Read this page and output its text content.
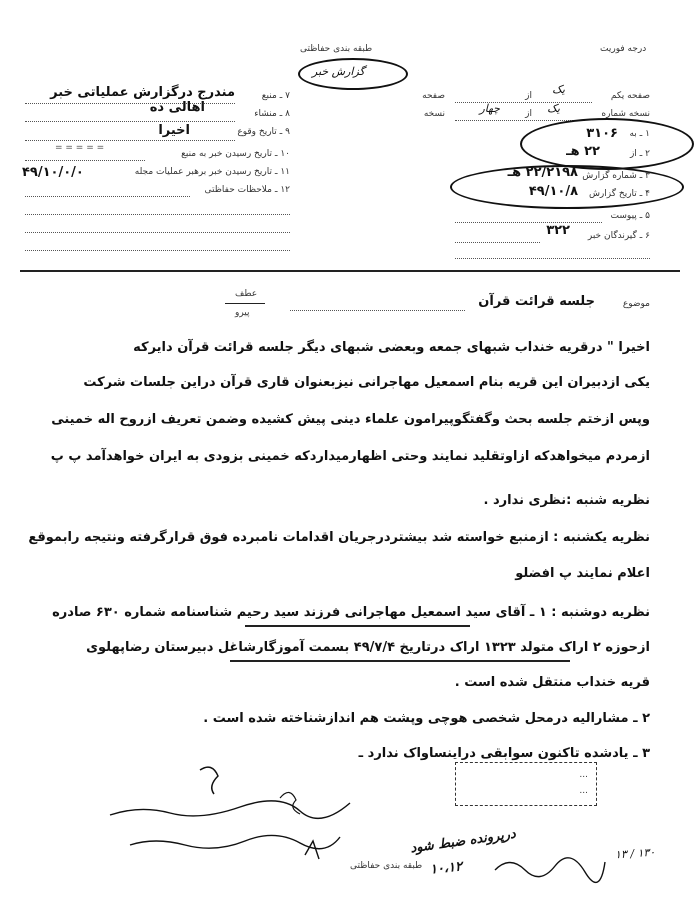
طبقه بندی حفاظتی
گزارش خبر
درجه فوریت
۷ ـ منبع
مندرج درگزارش عملیاتی خبر
۸ ـ منشاء
اهالی ده
۹ ـ تاریخ وقوع
اخیرا
= = = = =
۱۰ ـ تاریخ رسیدن خبر به منبع
۱۱ ـ تاریخ رسیدن خبر برهبر عملیات مجله
۴۹/۱۰/۰/۰
۱۲ ـ ملاحظات حفاظتی
صفحه یکم
یک
از
صفحه
نسخه شماره
یک
از
چهار
نسخه
۱ ـ به
۳۱۰۶
۲ ـ از
۲۲ هـ
۳ ـ شماره گزارش
۲۲/۲۱۹۸ هـ
۴ ـ تاریخ گزارش
۴۹/۱۰/۸
۵ ـ پیوست
۶ ـ گیرندگان خبر
۳۲۲
عطف
پیرو
موضوع
جلسه قرائت قرآن
اخیرا " درقریه خنداب شبهای جمعه وبعضی شبهای دیگر جلسه قرائت قرآن دایرکه
یکی ازدبیران این قریه بنام اسمعیل مهاجرانی نیزبعنوان قاری قرآن دراین جلسات شرکت
وپس ازختم جلسه بحث وگفتگوپیرامون علماء دینی پیش کشیده وضمن تعریف ازروح اله خمینی
ازمردم میخواهدکه ازاوتقلید نمایند وحتی اظهارمیداردکه خمینی بزودی به ایران خواهدآمد پ پ
نظریه شنبه :نظری ندارد .
نظریه یکشنبه : ازمنبع خواسته شد بیشتردرجریان اقدامات نامبرده فوق قرارگرفته ونتیجه رابموقع
اعلام نمایند پ افضلو
نظریه دوشنبه : ۱ ـ آقای سید اسمعیل مهاجرانی فرزند سید رحیم شناسنامه شماره ۶۳۰ صادره
ازحوزه ۲ اراک متولد ۱۳۲۳ اراک درتاریخ ۴۹/۷/۴ بسمت آموزگارشاغل دبیرستان رضاپهلوی
قریه خنداب منتقل شده است .
۲ ـ مشارالیه درمحل شخصی هوچی وپشت هم اندازشناخته شده است .
۳ ـ یادشده تاکنون سوابقی دراینساواک ندارد ـ
...
...
طبقه بندی حفاظتی
درپرونده ضبط شود
۱۰،۱۲
۱۳۰ / ۱۳
